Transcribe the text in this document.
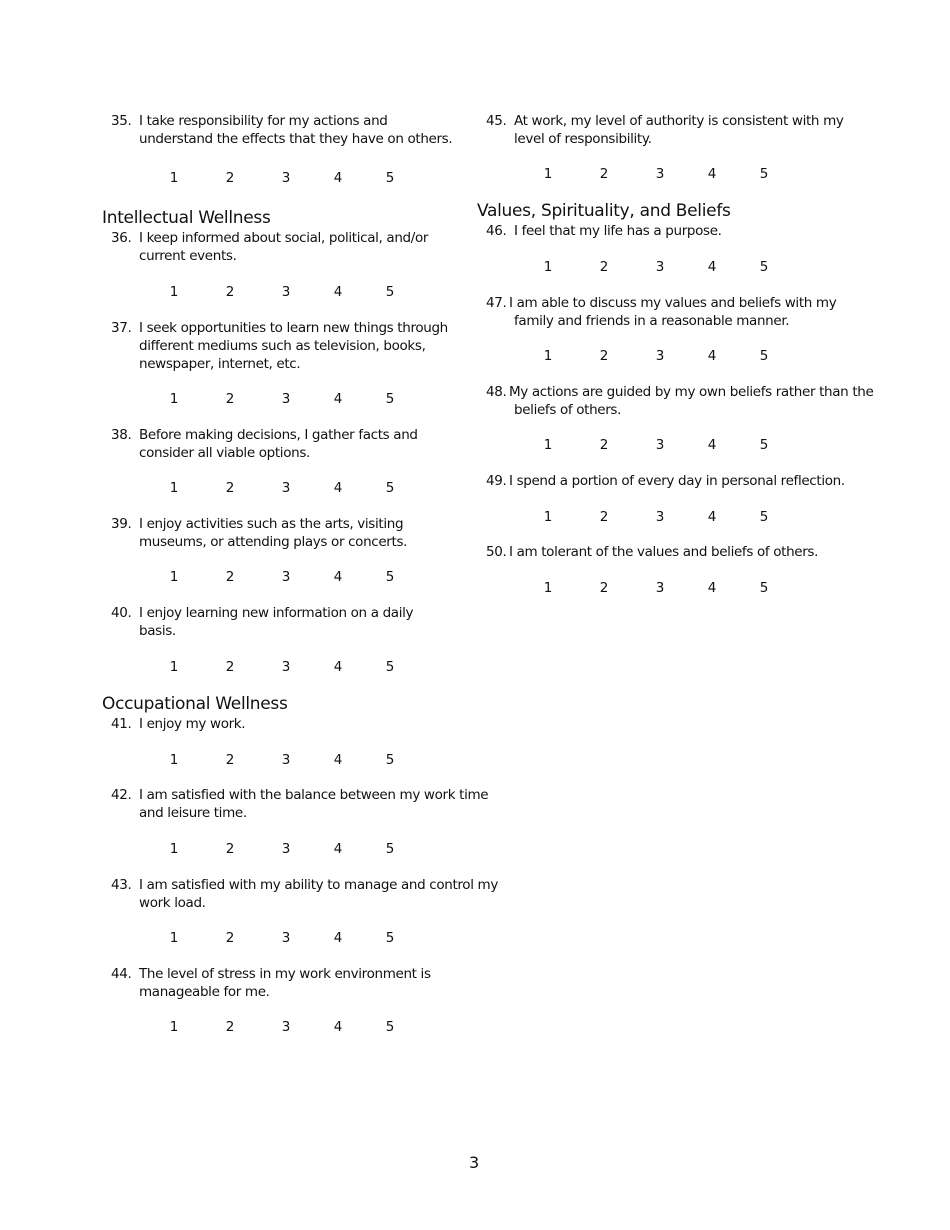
35. I take responsibility for my actions and
understand the effects that they have on others.
1	2	3	4	5
Intellectual Wellness
36. I keep informed about social, political, and/or
current events.
1	2	3	4	5
37. I seek opportunities to learn new things through
different mediums such as television, books,
newspaper, internet, etc.
1	2	3	4	5
38. Before making decisions, I gather facts and
consider all viable options.
1	2	3	4	5
39. I enjoy activities such as the arts, visiting
museums, or attending plays or concerts.
1	2	3	4	5
40. I enjoy learning new information on a daily
basis.
1	2	3	4	5
Occupational Wellness
41. I enjoy my work.
1	2	3	4	5
42. I am satisfied with the balance between my work time
and leisure time.
1	2	3	4	5
43. I am satisfied with my ability to manage and control my
work load.
1	2	3	4	5
44. The level of stress in my work environment is
manageable for me.
1	2	3	4	5
45. At work, my level of authority is consistent with my
level of responsibility.
1	2	3	4	5
Values, Spirituality, and Beliefs
46. I feel that my life has a purpose.
1	2	3	4	5
47. I am able to discuss my values and beliefs with my
family and friends in a reasonable manner.
1	2	3	4	5
48. My actions are guided by my own beliefs rather than the
beliefs of others.
1	2	3	4	5
49. I spend a portion of every day in personal reflection.
1	2	3	4	5
50. I am tolerant of the values and beliefs of others.
1	2	3	4	5
3
